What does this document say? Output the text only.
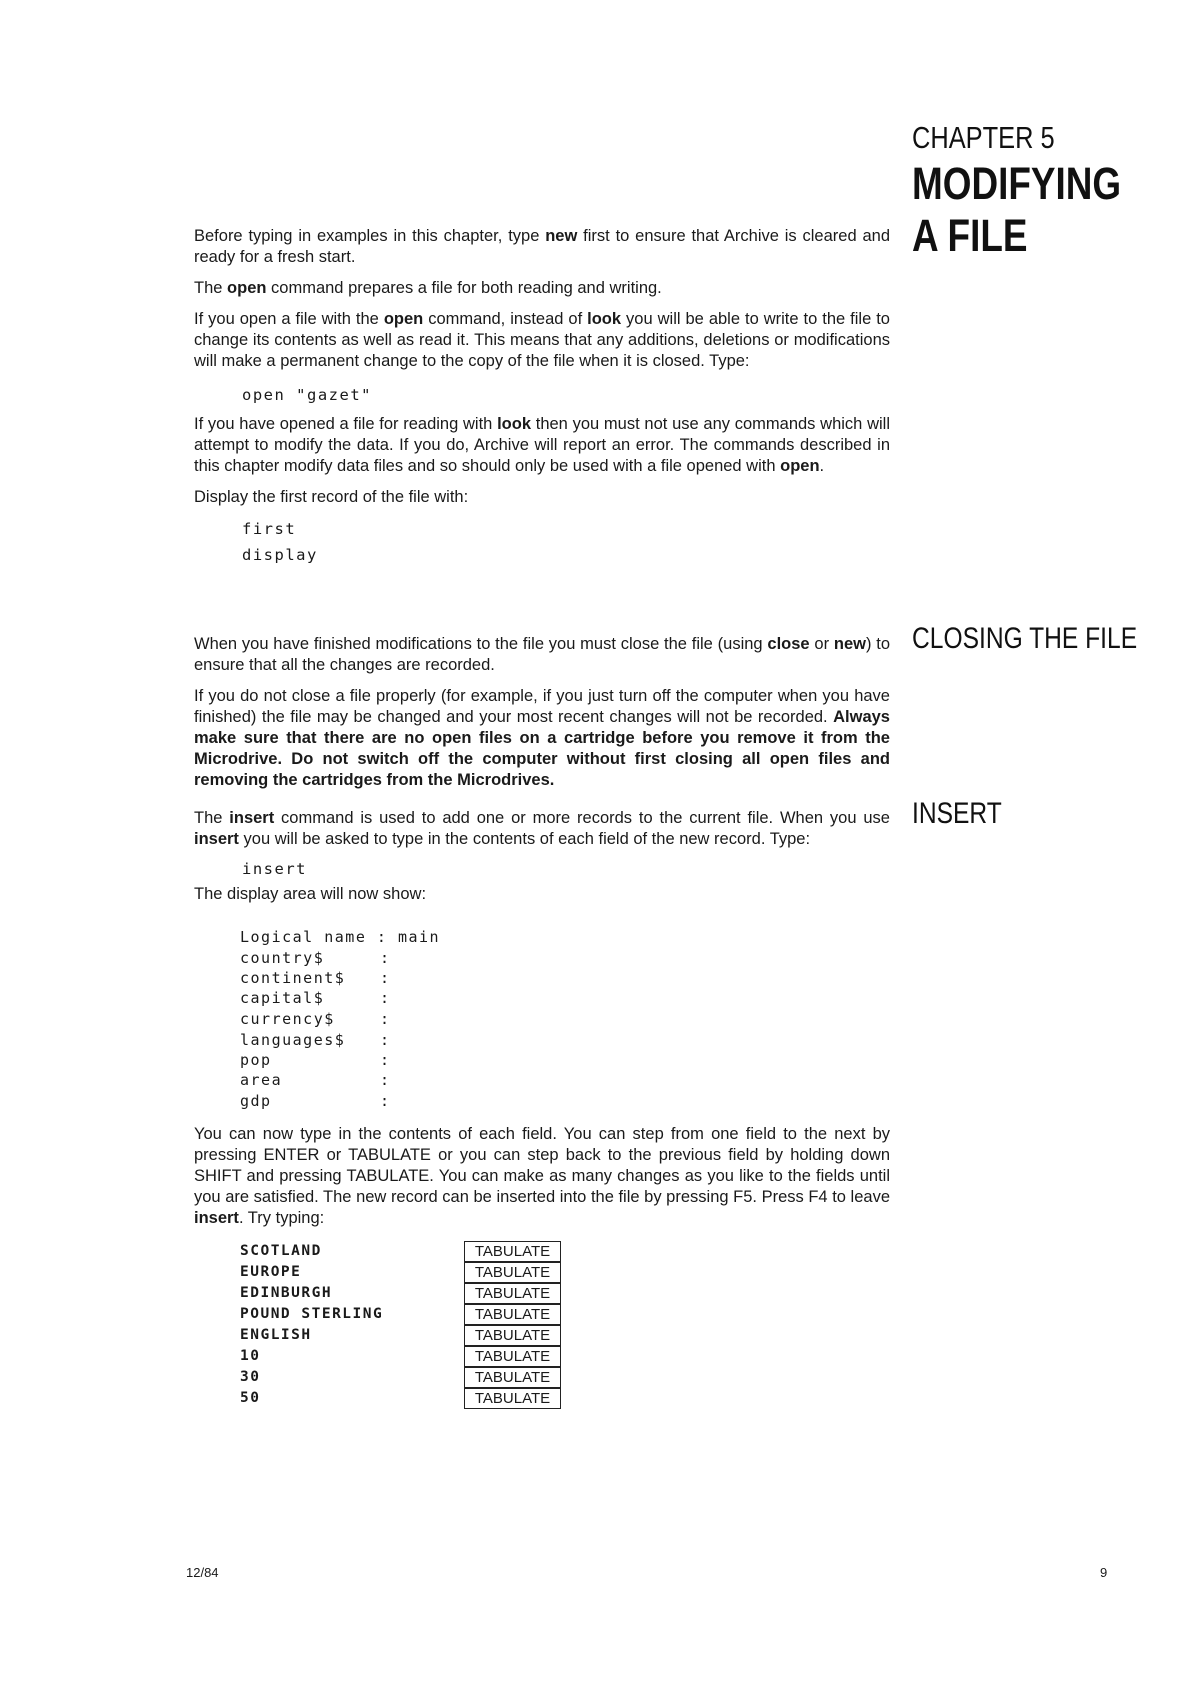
CHAPTER 5
MODIFYING
A FILE
CLOSING THE FILE
INSERT

Before typing in examples in this chapter, type new first to ensure that Archive is cleared and ready for a fresh start.

The open command prepares a file for both reading and writing.

If you open a file with the open command, instead of look you will be able to write to the file to change its contents as well as read it. This means that any additions, deletions or modifications will make a permanent change to the copy of the file when it is closed. Type:

open "gazet"

If you have opened a file for reading with look then you must not use any commands which will attempt to modify the data. If you do, Archive will report an error. The commands described in this chapter modify data files and so should only be used with a file opened with open.

Display the first record of the file with:

first
display

When you have finished modifications to the file you must close the file (using close or new) to ensure that all the changes are recorded.

If you do not close a file properly (for example, if you just turn off the computer when you have finished) the file may be changed and your most recent changes will not be recorded. Always make sure that there are no open files on a cartridge before you remove it from the Microdrive. Do not switch off the computer without first closing all open files and removing the cartridges from the Microdrives.

The insert command is used to add one or more records to the current file. When you use insert you will be asked to type in the contents of each field of the new record. Type:

insert

The display area will now show:

Logical name : main
country$	:
continent$ :
capital$	:
currency$	:
languages$ :
pop	:
area	:
gdp	:

You can now type in the contents of each field. You can step from one field to the next by pressing ENTER or TABULATE or you can step back to the previous field by holding down SHIFT and pressing TABULATE. You can make as many changes as you like to the fields until you are satisfied. The new record can be inserted into the file by pressing F5. Press F4 to leave insert. Try typing:

SCOTLAND	TABULATE
EUROPE	TABULATE
EDINBURGH	TABULATE
POUND STERLING	TABULATE
ENGLISH	TABULATE
10	TABULATE
30	TABULATE
50	TABULATE
12/84	9
